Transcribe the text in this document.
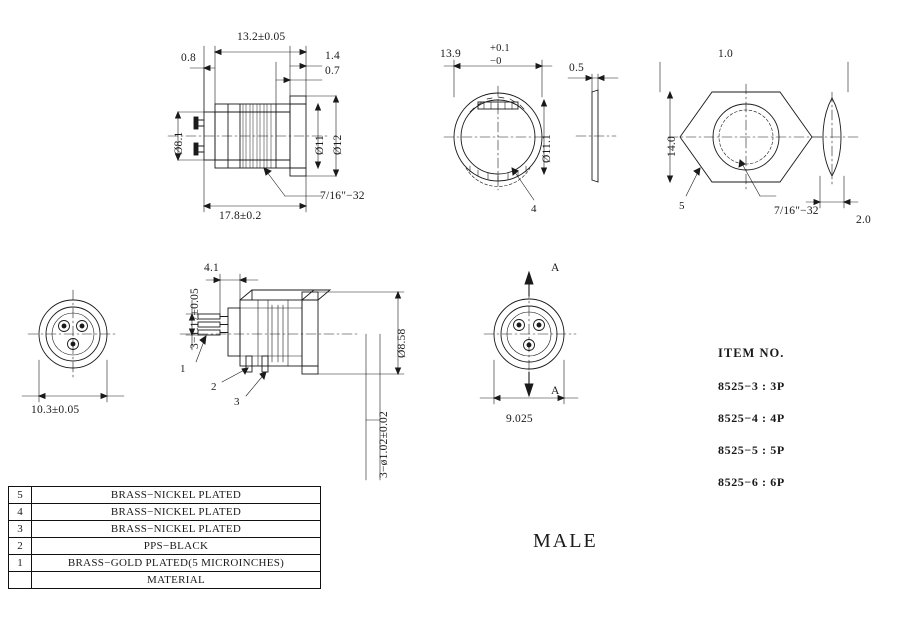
13.2±0.05
0.8	1.4
0.7
Ø8.1	Ø11 Ø12
17.8±0.2
7/16"−32
13.9	+0.1
−0
Ø11.1
4
0.5
1.0
14.0
5	7/16"−32
2.0
10.3±0.05
3−1.17±0.05
4.1
Ø8.58
3−ø1.02±0.02
1
2
3
9.025
A
A
ITEM NO.
8525−3 : 3P
8525−4 : 4P
8525−5 : 5P
8525−6 : 6P
MALE
5	BRASS−NICKEL PLATED
4	BRASS−NICKEL PLATED
3	BRASS−NICKEL PLATED
2	PPS−BLACK
1	BRASS−GOLD PLATED(5 MICROINCHES)
	MATERIAL
